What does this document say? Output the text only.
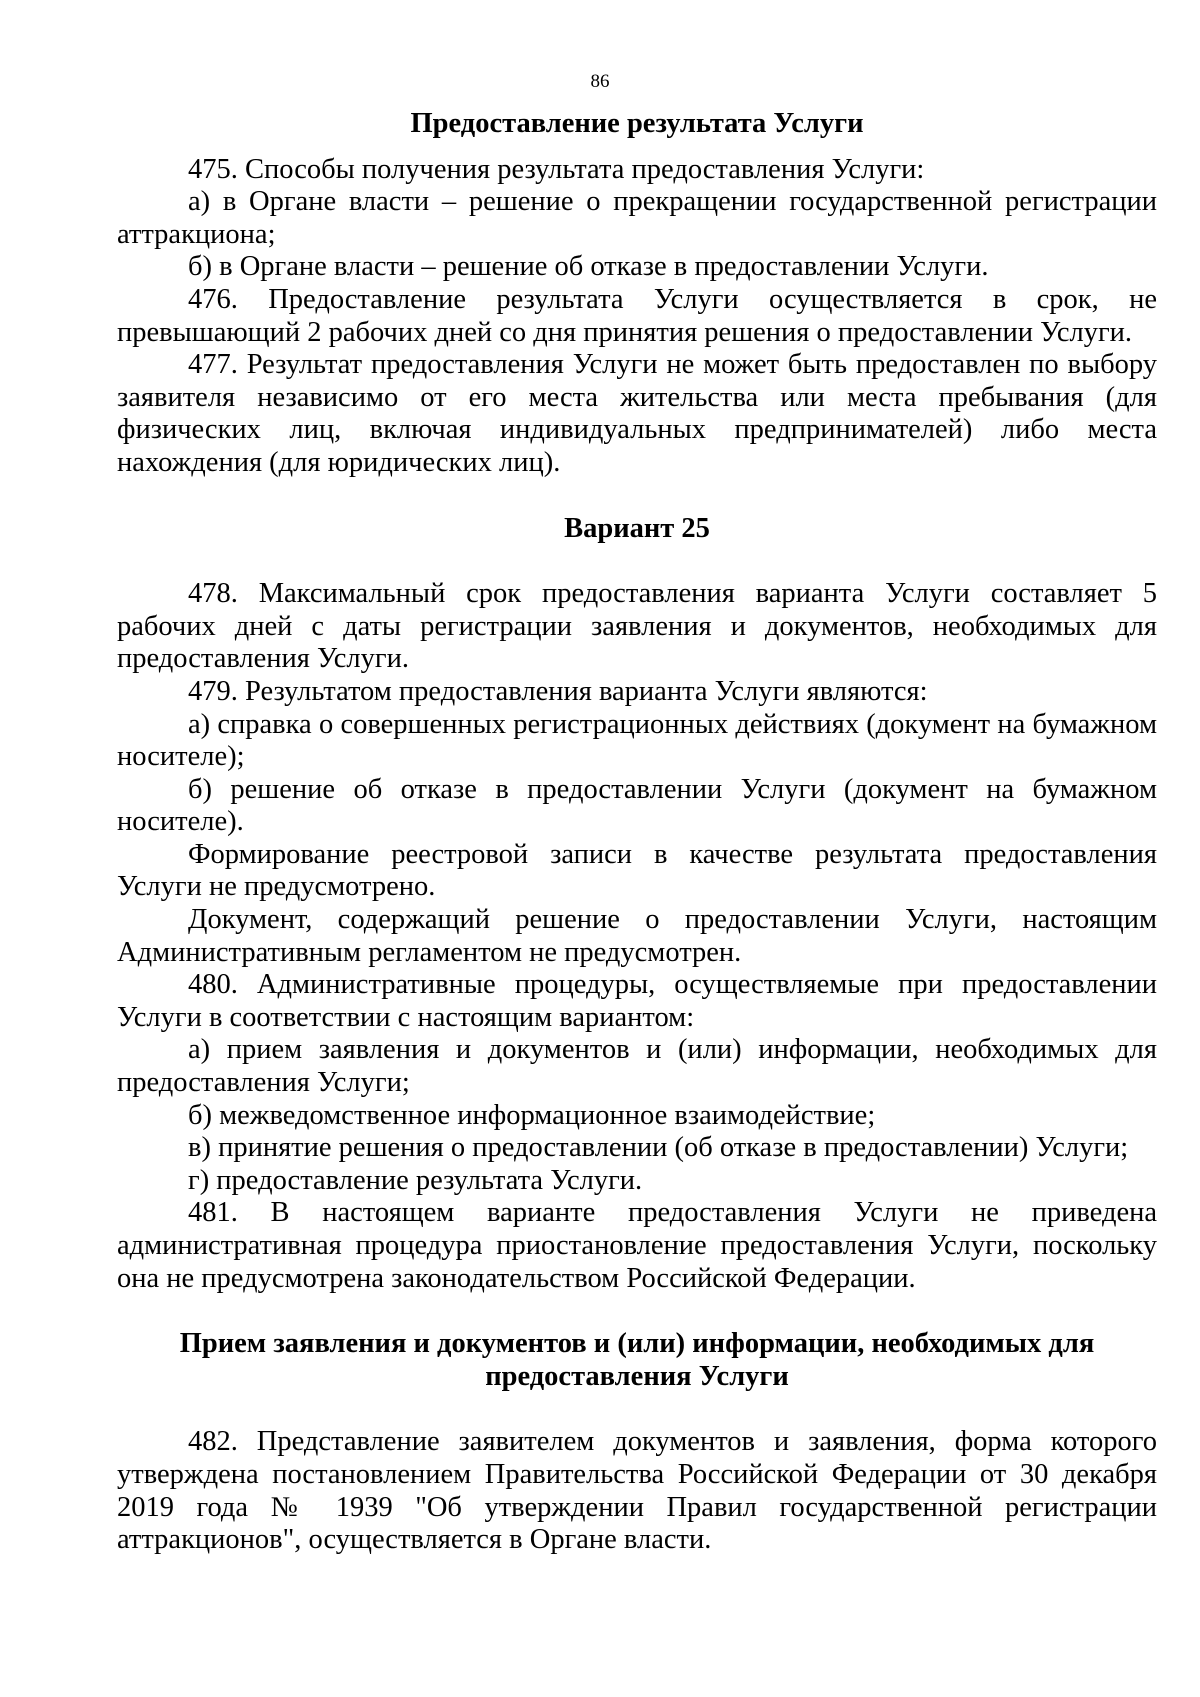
86
Предоставление результата Услуги

475. Способы получения результата предоставления Услуги:

а) в Органе власти – решение о прекращении государственной регистрации аттракциона;

б) в Органе власти – решение об отказе в предоставлении Услуги.

476. Предоставление результата Услуги осуществляется в срок, не превышающий 2 рабочих дней со дня принятия решения о предоставлении Услуги.

477. Результат предоставления Услуги не может быть предоставлен по выбору заявителя независимо от его места жительства или места пребывания (для физических лиц, включая индивидуальных предпринимателей) либо места нахождения (для юридических лиц).

Вариант 25

478. Максимальный срок предоставления варианта Услуги составляет 5 рабочих дней с даты регистрации заявления и документов, необходимых для предоставления Услуги.

479. Результатом предоставления варианта Услуги являются:

а) справка о совершенных регистрационных действиях (документ на бумажном носителе);

б) решение об отказе в предоставлении Услуги (документ на бумажном носителе).

Формирование реестровой записи в качестве результата предоставления Услуги не предусмотрено.

Документ, содержащий решение о предоставлении Услуги, настоящим Административным регламентом не предусмотрен.

480. Административные процедуры, осуществляемые при предоставлении Услуги в соответствии с настоящим вариантом:

а) прием заявления и документов и (или) информации, необходимых для предоставления Услуги;

б) межведомственное информационное взаимодействие;

в) принятие решения о предоставлении (об отказе в предоставлении) Услуги;

г) предоставление результата Услуги.

481. В настоящем варианте предоставления Услуги не приведена административная процедура приостановление предоставления Услуги, поскольку она не предусмотрена законодательством Российской Федерации.

Прием заявления и документов и (или) информации, необходимых для предоставления Услуги

482. Представление заявителем документов и заявления, форма которого утверждена постановлением Правительства Российской Федерации от 30 декабря 2019 года № 1939 "Об утверждении Правил государственной регистрации аттракционов", осуществляется в Органе власти.
